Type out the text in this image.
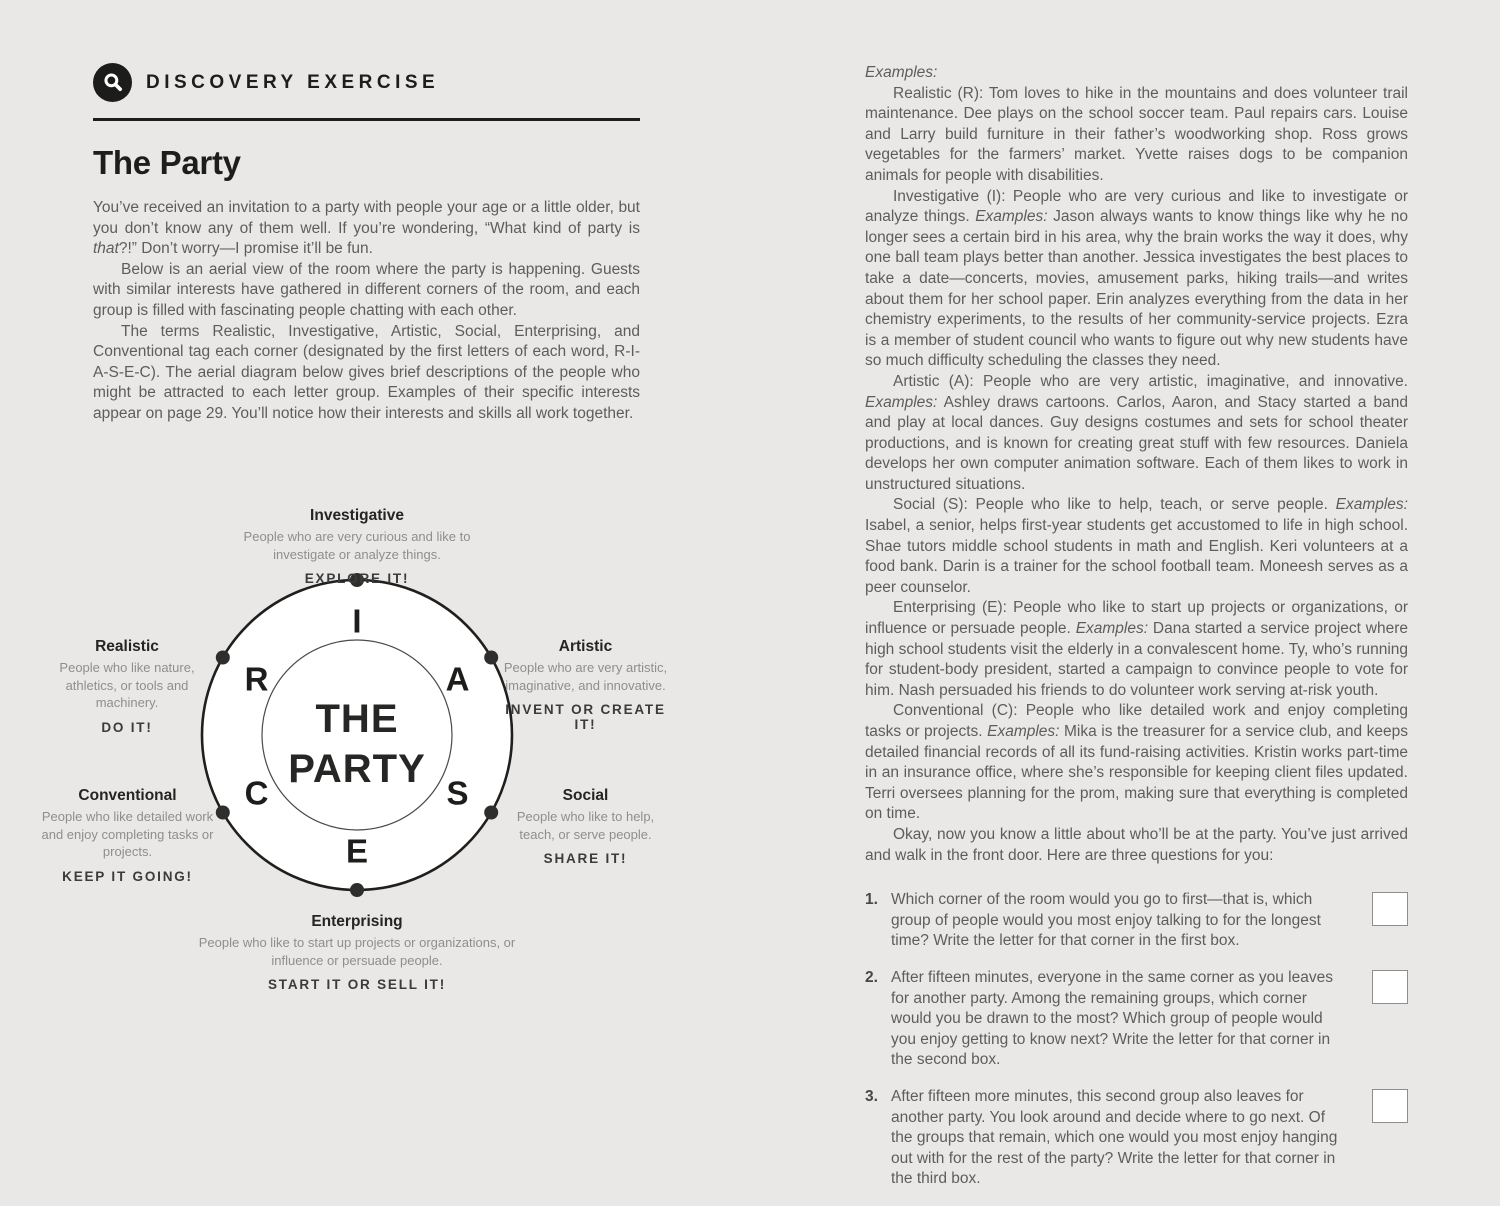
DISCOVERY EXERCISE
The Party

You’ve received an invitation to a party with people your age or a little older, but you don’t know any of them well. If you’re wondering, “What kind of party is that?!” Don’t worry—I promise it’ll be fun.

Below is an aerial view of the room where the party is happening. Guests with similar interests have gathered in different corners of the room, and each group is filled with fascinating people chatting with each other.

The terms Realistic, Investigative, Artistic, Social, Enterprising, and Conventional tag each corner (designated by the first letters of each word, R-I-A-S-E-C). The aerial diagram below gives brief descriptions of the people who might be attracted to each letter group. Examples of their specific interests appear on page 29. You’ll notice how their interests and skills all work together.

I
A
S
E
C
R
THE
PARTY
Investigative
People who are very curious and like to investigate or analyze things.
EXPLORE IT!
Realistic
People who like nature, athletics, or tools and machinery.
DO IT!
Artistic
People who are very artistic, imaginative, and innovative.
INVENT OR CREATE IT!
Conventional
People who like detailed work and enjoy completing tasks or projects.
KEEP IT GOING!
Social
People who like to help, teach, or serve people.
SHARE IT!
Enterprising
People who like to start up projects or organizations, or influence or persuade people.
START IT OR SELL IT!

Examples:

Realistic (R): Tom loves to hike in the mountains and does volunteer trail maintenance. Dee plays on the school soccer team. Paul repairs cars. Louise and Larry build furniture in their father’s woodworking shop. Ross grows vegetables for the farmers’ market. Yvette raises dogs to be companion animals for people with disabilities.

Investigative (I): People who are very curious and like to investigate or analyze things. Examples: Jason always wants to know things like why he no longer sees a certain bird in his area, why the brain works the way it does, why one ball team plays better than another. Jessica investigates the best places to take a date—concerts, movies, amusement parks, hiking trails—and writes about them for her school paper. Erin analyzes everything from the data in her chemistry experiments, to the results of her community-service projects. Ezra is a member of student council who wants to figure out why new students have so much difficulty scheduling the classes they need.

Artistic (A): People who are very artistic, imaginative, and innovative. Examples: Ashley draws cartoons. Carlos, Aaron, and Stacy started a band and play at local dances. Guy designs costumes and sets for school theater productions, and is known for creating great stuff with few resources. Daniela develops her own computer animation software. Each of them likes to work in unstructured situations.

Social (S): People who like to help, teach, or serve people. Examples: Isabel, a senior, helps first-year students get accustomed to life in high school. Shae tutors middle school students in math and English. Keri volunteers at a food bank. Darin is a trainer for the school football team. Moneesh serves as a peer counselor.

Enterprising (E): People who like to start up projects or organizations, or influence or persuade people. Examples: Dana started a service project where high school students visit the elderly in a convalescent home. Ty, who’s running for student-body president, started a campaign to convince people to vote for him. Nash persuaded his friends to do volunteer work serving at-risk youth.

Conventional (C): People who like detailed work and enjoy completing tasks or projects. Examples: Mika is the treasurer for a service club, and keeps detailed financial records of all its fund-raising activities. Kristin works part-time in an insurance office, where she’s responsible for keeping client files updated. Terri oversees planning for the prom, making sure that everything is completed on time.

Okay, now you know a little about who’ll be at the party. You’ve just arrived and walk in the front door. Here are three questions for you:

1. Which corner of the room would you go to first—that is, which group of people would you most enjoy talking to for the longest time? Write the letter for that corner in the first box.

2. After fifteen minutes, everyone in the same corner as you leaves for another party. Among the remaining groups, which corner would you be drawn to the most? Which group of people would you enjoy getting to know next? Write the letter for that corner in the second box.

3. After fifteen more minutes, this second group also leaves for another party. You look around and decide where to go next. Of the groups that remain, which one would you most enjoy hanging out with for the rest of the party? Write the letter for that corner in the third box.
